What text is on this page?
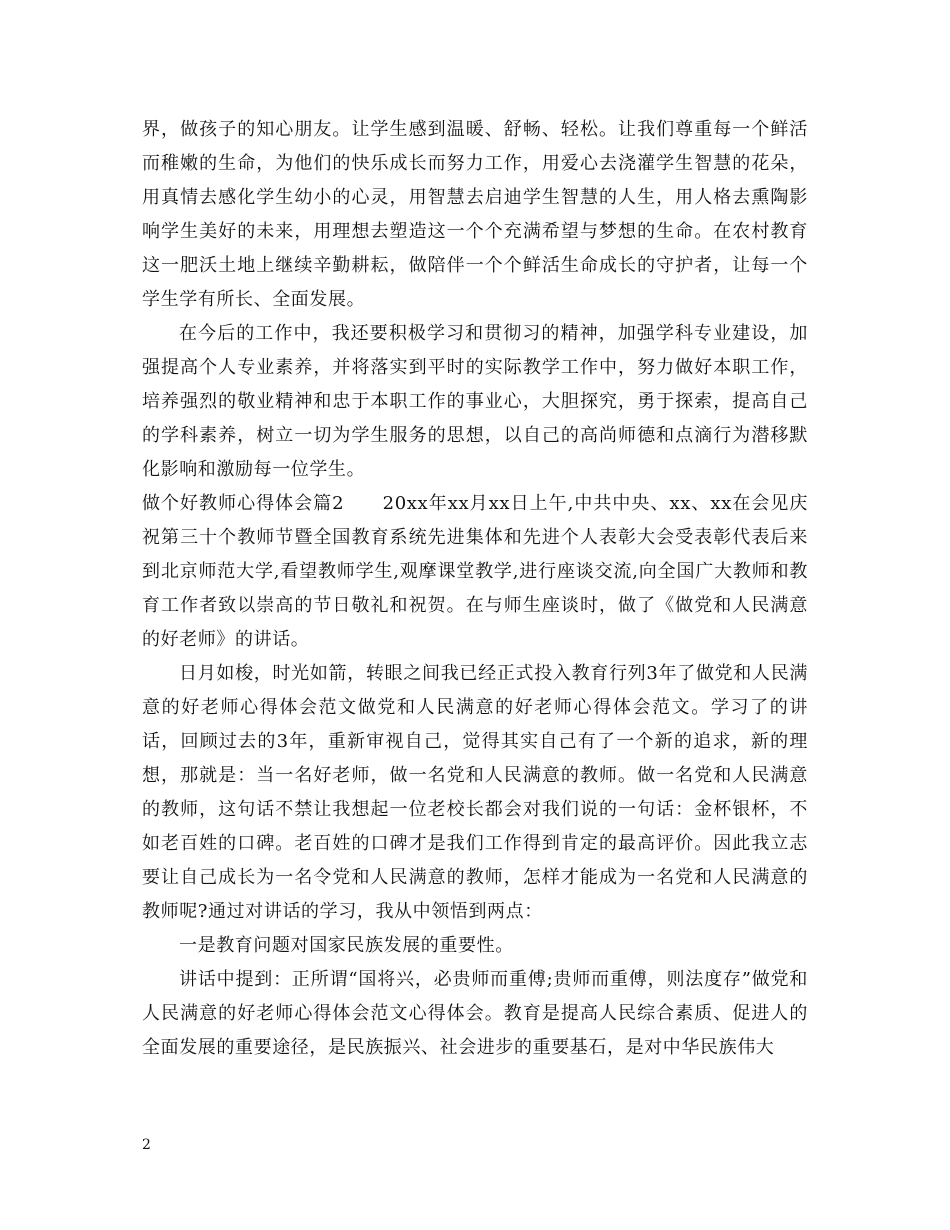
界，做孩子的知心朋友。让学生感到温暖、舒畅、轻松。让我们尊重每一个鲜活而稚嫩的生命，为他们的快乐成长而努力工作，用爱心去浇灌学生智慧的花朵，用真情去感化学生幼小的心灵，用智慧去启迪学生智慧的人生，用人格去熏陶影响学生美好的未来，用理想去塑造这一个个充满希望与梦想的生命。在农村教育这一肥沃土地上继续辛勤耕耘，做陪伴一个个鲜活生命成长的守护者，让每一个学生学有所长、全面发展。

在今后的工作中，我还要积极学习和贯彻习的精神，加强学科专业建设，加强提高个人专业素养，并将落实到平时的实际教学工作中，努力做好本职工作，培养强烈的敬业精神和忠于本职工作的事业心，大胆探究，勇于探索，提高自己的学科素养，树立一切为学生服务的思想，以自己的高尚师德和点滴行为潜移默化影响和激励每一位学生。

做个好教师心得体会篇2　　20xx年xx月xx日上午,中共中央、xx、xx在会见庆祝第三十个教师节暨全国教育系统先进集体和先进个人表彰大会受表彰代表后来到北京师范大学,看望教师学生,观摩课堂教学,进行座谈交流,向全国广大教师和教育工作者致以崇高的节日敬礼和祝贺。在与师生座谈时，做了《做党和人民满意的好老师》的讲话。

日月如梭，时光如箭，转眼之间我已经正式投入教育行列3年了做党和人民满意的好老师心得体会范文做党和人民满意的好老师心得体会范文。学习了的讲话，回顾过去的3年，重新审视自己，觉得其实自己有了一个新的追求，新的理想，那就是：当一名好老师，做一名党和人民满意的教师。做一名党和人民满意的教师，这句话不禁让我想起一位老校长都会对我们说的一句话：金杯银杯，不如老百姓的口碑。老百姓的口碑才是我们工作得到肯定的最高评价。因此我立志要让自己成长为一名令党和人民满意的教师，怎样才能成为一名党和人民满意的教师呢?通过对讲话的学习，我从中领悟到两点：

一是教育问题对国家民族发展的重要性。

讲话中提到：正所谓“国将兴，必贵师而重傅;贵师而重傅，则法度存”做党和人民满意的好老师心得体会范文心得体会。教育是提高人民综合素质、促进人的全面发展的重要途径，是民族振兴、社会进步的重要基石，是对中华民族伟大

2
